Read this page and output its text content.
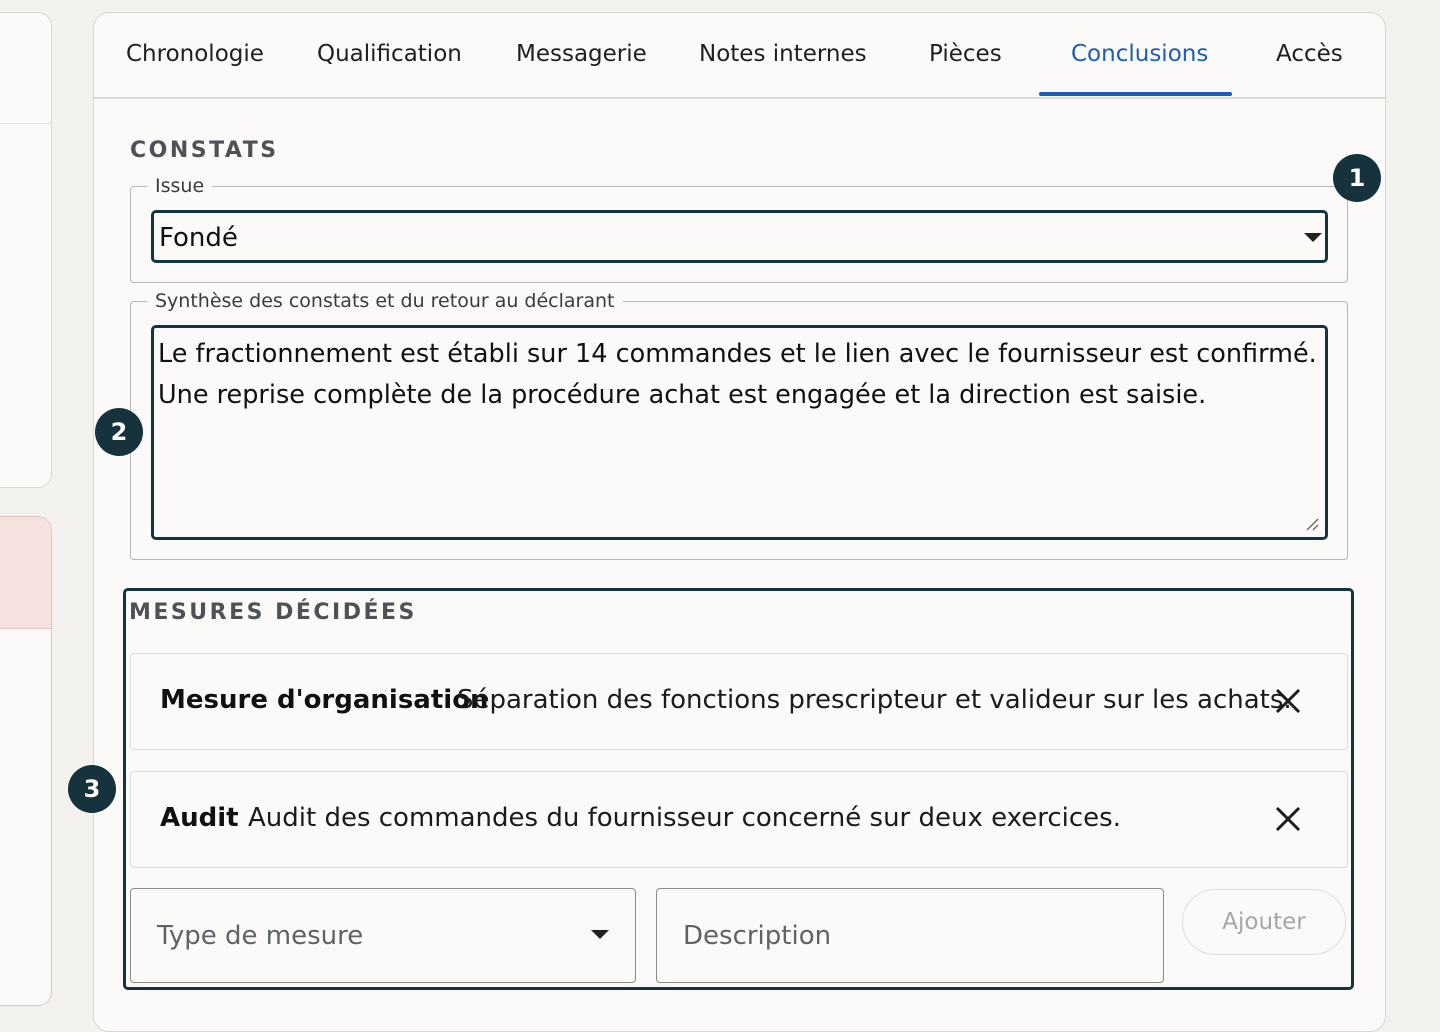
Chronologie Qualification Messagerie Notes internes	Pièces	Conclusions	Accès
CONSTATS
Issue
Fondé
Synthèse des constats et du retour au déclarant
Le fractionnement est établi sur 14 commandes et le lien avec le fournisseur est confirmé. Une reprise complète de la procédure achat est engagée et la direction est saisie.
MESURES DÉCIDÉES
Mesure d'organisation
Séparation des fonctions prescripteur et valideur sur les achats.
Audit Audit des commandes du fournisseur concerné sur deux exercices.
Type de mesure	Description	Ajouter
1
2
3
